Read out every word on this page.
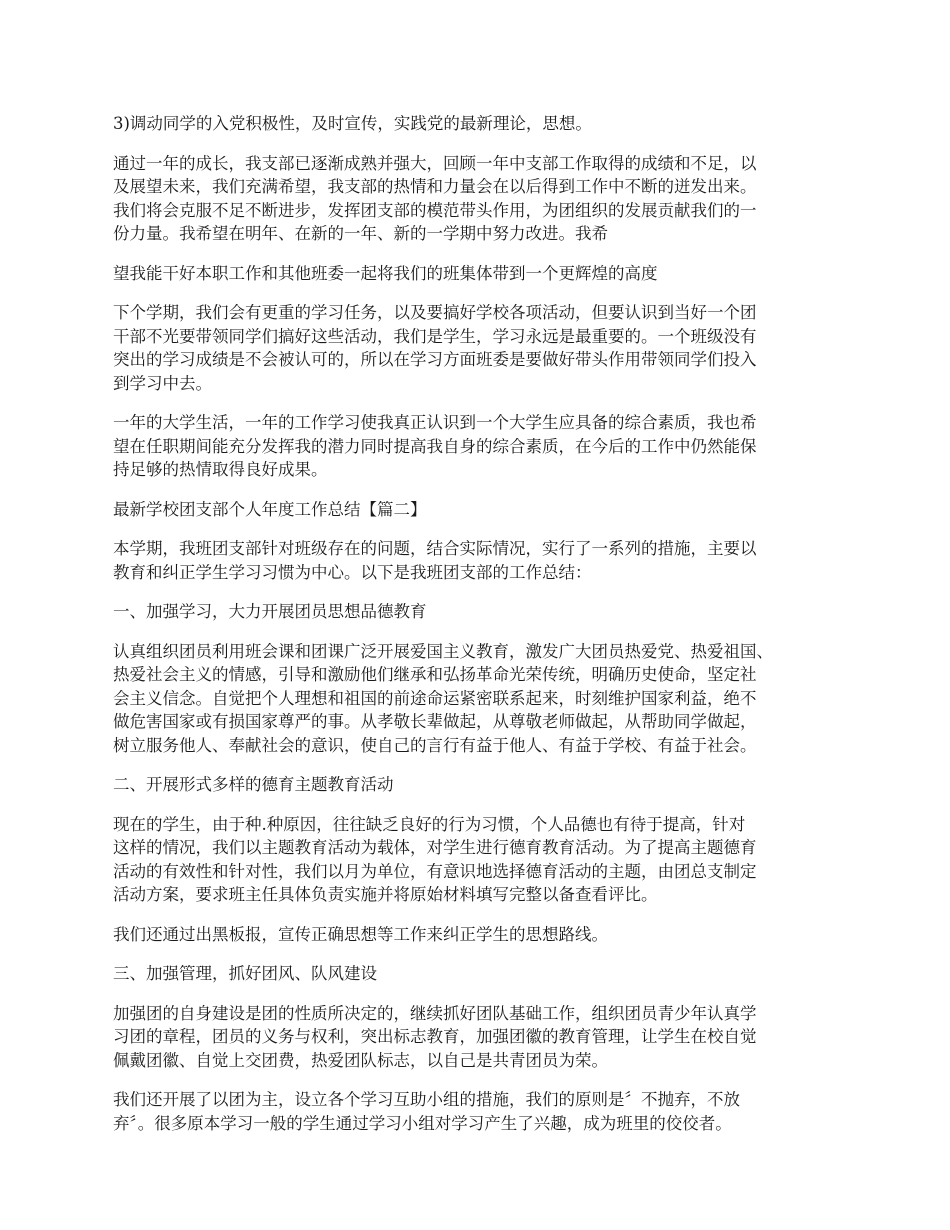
3)调动同学的入党积极性，及时宣传，实践党的最新理论，思想。

通过一年的成长，我支部已逐渐成熟并强大，回顾一年中支部工作取得的成绩和不足，以
及展望未来，我们充满希望，我支部的热情和力量会在以后得到工作中不断的迸发出来。
我们将会克服不足不断进步，发挥团支部的模范带头作用，为团组织的发展贡献我们的一
份力量。我希望在明年、在新的一年、新的一学期中努力改进。我希

望我能干好本职工作和其他班委一起将我们的班集体带到一个更辉煌的高度

下个学期，我们会有更重的学习任务，以及要搞好学校各项活动，但要认识到当好一个团
干部不光要带领同学们搞好这些活动，我们是学生，学习永远是最重要的。一个班级没有
突出的学习成绩是不会被认可的，所以在学习方面班委是要做好带头作用带领同学们投入
到学习中去。

一年的大学生活，一年的工作学习使我真正认识到一个大学生应具备的综合素质，我也希
望在任职期间能充分发挥我的潜力同时提高我自身的综合素质，在今后的工作中仍然能保
持足够的热情取得良好成果。

最新学校团支部个人年度工作总结【篇二】

本学期，我班团支部针对班级存在的问题，结合实际情况，实行了一系列的措施，主要以
教育和纠正学生学习习惯为中心。以下是我班团支部的工作总结：

一、加强学习，大力开展团员思想品德教育

认真组织团员利用班会课和团课广泛开展爱国主义教育，激发广大团员热爱党、热爱祖国、
热爱社会主义的情感，引导和激励他们继承和弘扬革命光荣传统，明确历史使命，坚定社
会主义信念。自觉把个人理想和祖国的前途命运紧密联系起来，时刻维护国家利益，绝不
做危害国家或有损国家尊严的事。从孝敬长辈做起，从尊敬老师做起，从帮助同学做起，
树立服务他人、奉献社会的意识，使自己的言行有益于他人、有益于学校、有益于社会。

二、开展形式多样的德育主题教育活动

现在的学生，由于种.种原因，往往缺乏良好的行为习惯，个人品德也有待于提高，针对
这样的情况，我们以主题教育活动为载体，对学生进行德育教育活动。为了提高主题德育
活动的有效性和针对性，我们以月为单位，有意识地选择德育活动的主题，由团总支制定
活动方案，要求班主任具体负责实施并将原始材料填写完整以备查看评比。

我们还通过出黑板报，宣传正确思想等工作来纠正学生的思想路线。

三、加强管理，抓好团风、队风建设

加强团的自身建设是团的性质所决定的，继续抓好团队基础工作，组织团员青少年认真学
习团的章程，团员的义务与权利，突出标志教育，加强团徽的教育管理，让学生在校自觉
佩戴团徽、自觉上交团费，热爱团队标志，以自己是共青团员为荣。

我们还开展了以团为主，设立各个学习互助小组的措施，我们的原则是〞不抛弃，不放
弃〞。很多原本学习一般的学生通过学习小组对学习产生了兴趣，成为班里的佼佼者。
